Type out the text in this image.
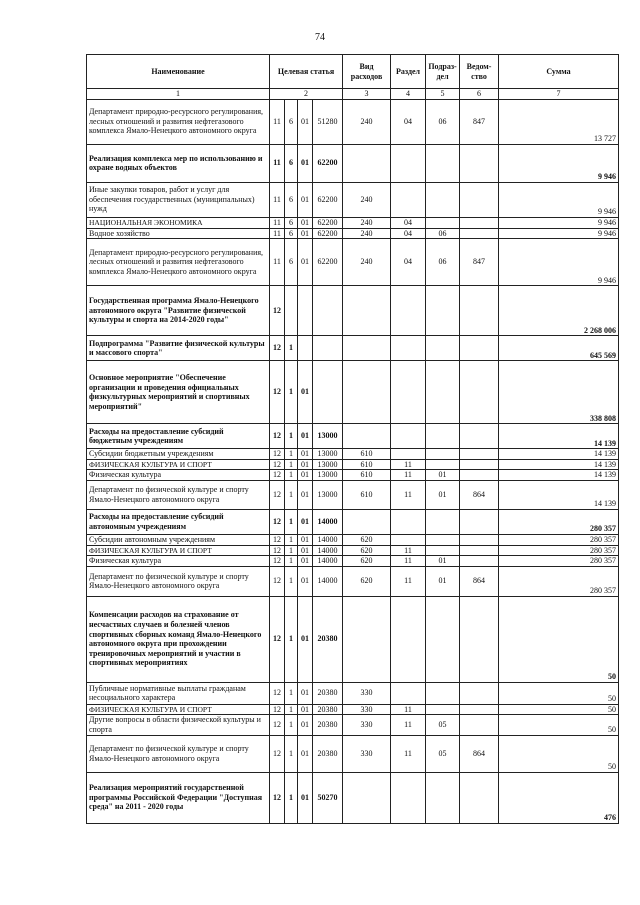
74
Наименование	Целевая статья				Вид расходов	Раздел	Подраз-дел	Ведом-ство	Сумма
1	2				3	4	5	6	7
Департамент природно-ресурсного регулирования, лесных отношений и развития нефтегазового комплекса Ямало-Ненецкого автономного округа	11	6	01	51280	240	04	06	847	13 727
Реализация комплекса мер по использованию и охране водных объектов	11	6	01	62200					9 946
Иные закупки товаров, работ и услуг для обеспечения государственных (муниципальных) нужд	11	6	01	62200	240				9 946
НАЦИОНАЛЬНАЯ ЭКОНОМИКА	11	6	01	62200	240	04			9 946
Водное хозяйство	11	6	01	62200	240	04	06		9 946
Департамент природно-ресурсного регулирования, лесных отношений и развития нефтегазового комплекса Ямало-Ненецкого автономного округа	11	6	01	62200	240	04	06	847	9 946
Государственная программа Ямало-Ненецкого автономного округа "Развитие физической культуры и спорта на 2014-2020 годы"	12								2 268 006
Подпрограмма "Развитие физической культуры и массового спорта"	12	1							645 569
Основное мероприятие "Обеспечение организации и проведения официальных физкультурных мероприятий и спортивных мероприятий"	12	1	01						338 808
Расходы на предоставление субсидий бюджетным учреждениям	12	1	01	13000					14 139
Субсидии бюджетным учреждениям	12	1	01	13000	610				14 139
ФИЗИЧЕСКАЯ КУЛЬТУРА И СПОРТ	12	1	01	13000	610	11			14 139
Физическая культура	12	1	01	13000	610	11	01		14 139
Департамент по физической культуре и спорту Ямало-Ненецкого автономного округа	12	1	01	13000	610	11	01	864	14 139
Расходы на предоставление субсидий автономным учреждениям	12	1	01	14000					280 357
Субсидии автономным учреждениям	12	1	01	14000	620				280 357
ФИЗИЧЕСКАЯ КУЛЬТУРА И СПОРТ	12	1	01	14000	620	11			280 357
Физическая культура	12	1	01	14000	620	11	01		280 357
Департамент по физической культуре и спорту Ямало-Ненецкого автономного округа	12	1	01	14000	620	11	01	864	280 357
Компенсации расходов на страхование от несчастных случаев и болезней членов спортивных сборных команд Ямало-Ненецкого автономного округа при прохождении тренировочных мероприятий и участии в спортивных мероприятиях	12	1	01	20380					50
Публичные нормативные выплаты гражданам несоциального характера	12	1	01	20380	330				50
ФИЗИЧЕСКАЯ КУЛЬТУРА И СПОРТ	12	1	01	20380	330	11			50
Другие вопросы в области физической культуры и спорта	12	1	01	20380	330	11	05		50
Департамент по физической культуре и спорту Ямало-Ненецкого автономного округа	12	1	01	20380	330	11	05	864	50
Реализация мероприятий государственной программы Российской Федерации "Доступная среда" на 2011 - 2020 годы	12	1	01	50270					476
